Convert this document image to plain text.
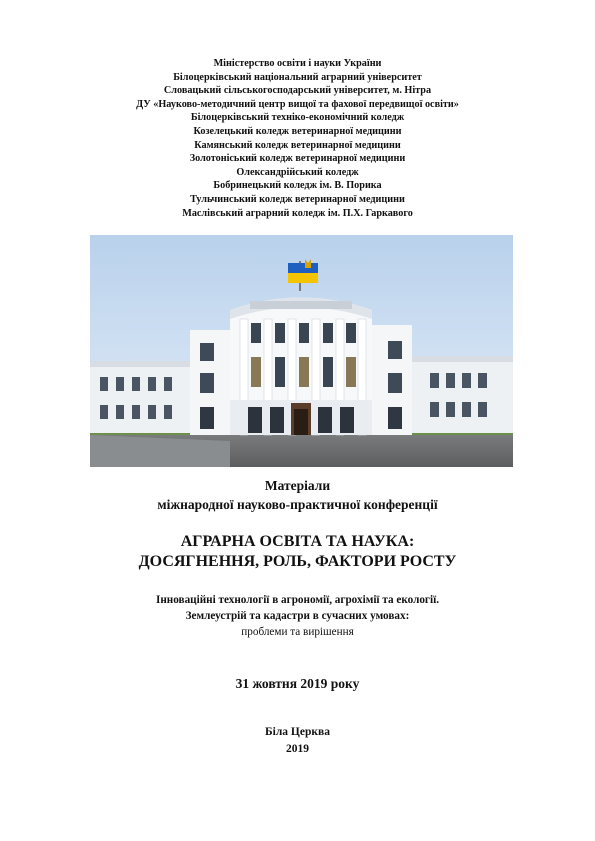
Міністерство освіти і науки України
Білоцерківський національний аграрний університет
Словацький сільськогосподарський університет, м. Нітра
ДУ «Науково-методичний центр вищої та фахової передвищої освіти»
Білоцерківський техніко-економічний коледж
Козелецький коледж ветеринарної медицини
Камянський коледж ветеринарної медицини
Золотоніський коледж ветеринарної медицини
Олександрійський коледж
Бобринецький коледж ім. В. Порика
Тульчинський коледж ветеринарної медицини
Маслівський аграрний коледж ім. П.Х. Гаркавого
Матеріали
міжнародної науково-практичної конференції
АГРАРНА ОСВІТА ТА НАУКА:
ДОСЯГНЕННЯ, РОЛЬ, ФАКТОРИ РОСТУ
Інноваційні технології в агрономії, агрохімії та екології.
Землеустрій та кадастри в сучасних умовах:
проблеми та вирішення
31 жовтня 2019 року
Біла Церква
2019
